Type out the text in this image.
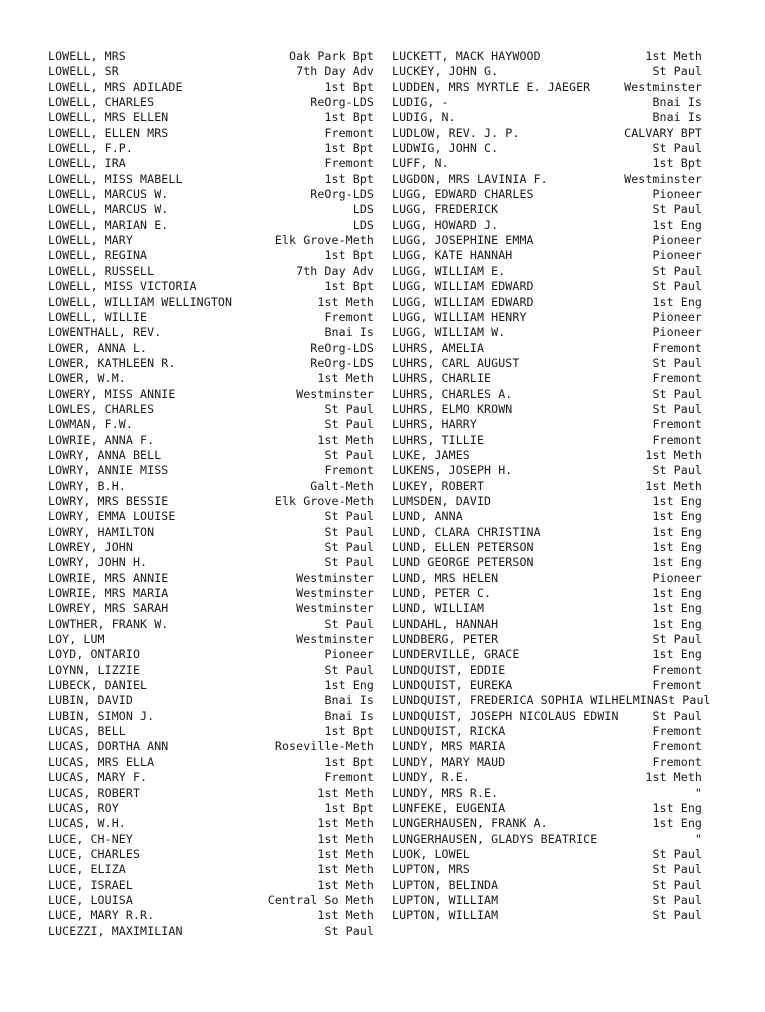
LOWELL, MRS	Oak Park Bpt
LOWELL, SR	7th Day Adv
LOWELL, MRS ADILADE	1st Bpt
LOWELL, CHARLES	ReOrg-LDS
LOWELL, MRS ELLEN	1st Bpt
LOWELL, ELLEN MRS	Fremont
LOWELL, F.P.	1st Bpt
LOWELL, IRA	Fremont
LOWELL, MISS MABELL	1st Bpt
LOWELL, MARCUS W.	ReOrg-LDS
LOWELL, MARCUS W.	LDS
LOWELL, MARIAN E.	LDS
LOWELL, MARY	Elk Grove-Meth
LOWELL, REGINA	1st Bpt
LOWELL, RUSSELL	7th Day Adv
LOWELL, MISS VICTORIA	1st Bpt
LOWELL, WILLIAM WELLINGTON	1st Meth
LOWELL, WILLIE	Fremont
LOWENTHALL, REV.	Bnai Is
LOWER, ANNA L.	ReOrg-LDS
LOWER, KATHLEEN R.	ReOrg-LDS
LOWER, W.M.	1st Meth
LOWERY, MISS ANNIE	Westminster
LOWLES, CHARLES	St Paul
LOWMAN, F.W.	St Paul
LOWRIE, ANNA F.	1st Meth
LOWRY, ANNA BELL	St Paul
LOWRY, ANNIE MISS	Fremont
LOWRY, B.H.	Galt-Meth
LOWRY, MRS BESSIE	Elk Grove-Meth
LOWRY, EMMA LOUISE	St Paul
LOWRY, HAMILTON	St Paul
LOWREY, JOHN	St Paul
LOWRY, JOHN H.	St Paul
LOWRIE, MRS ANNIE	Westminster
LOWRIE, MRS MARIA	Westminster
LOWREY, MRS SARAH	Westminster
LOWTHER, FRANK W.	St Paul
LOY, LUM	Westminster
LOYD, ONTARIO	Pioneer
LOYNN, LIZZIE	St Paul
LUBECK, DANIEL	1st Eng
LUBIN, DAVID	Bnai Is
LUBIN, SIMON J.	Bnai Is
LUCAS, BELL	1st Bpt
LUCAS, DORTHA ANN	Roseville-Meth
LUCAS, MRS ELLA	1st Bpt
LUCAS, MARY F.	Fremont
LUCAS, ROBERT	1st Meth
LUCAS, ROY	1st Bpt
LUCAS, W.H.	1st Meth
LUCE, CH-NEY	1st Meth
LUCE, CHARLES	1st Meth
LUCE, ELIZA	1st Meth
LUCE, ISRAEL	1st Meth
LUCE, LOUISA	Central So Meth
LUCE, MARY R.R.	1st Meth
LUCEZZI, MAXIMILIAN	St Paul
LUCKETT, MACK HAYWOOD	1st Meth
LUCKEY, JOHN G.	St Paul
LUDDEN, MRS MYRTLE E. JAEGER	Westminster
LUDIG, -	Bnai Is
LUDIG, N.	Bnai Is
LUDLOW, REV. J. P.	CALVARY BPT
LUDWIG, JOHN C.	St Paul
LUFF, N.	1st Bpt
LUGDON, MRS LAVINIA F.	Westminster
LUGG, EDWARD CHARLES	Pioneer
LUGG, FREDERICK	St Paul
LUGG, HOWARD J.	1st Eng
LUGG, JOSEPHINE EMMA	Pioneer
LUGG, KATE HANNAH	Pioneer
LUGG, WILLIAM E.	St Paul
LUGG, WILLIAM EDWARD	St Paul
LUGG, WILLIAM EDWARD	1st Eng
LUGG, WILLIAM HENRY	Pioneer
LUGG, WILLIAM W.	Pioneer
LUHRS, AMELIA	Fremont
LUHRS, CARL AUGUST	St Paul
LUHRS, CHARLIE	Fremont
LUHRS, CHARLES A.	St Paul
LUHRS, ELMO KROWN	St Paul
LUHRS, HARRY	Fremont
LUHRS, TILLIE	Fremont
LUKE, JAMES	1st Meth
LUKENS, JOSEPH H.	St Paul
LUKEY, ROBERT	1st Meth
LUMSDEN, DAVID	1st Eng
LUND, ANNA	1st Eng
LUND, CLARA CHRISTINA	1st Eng
LUND, ELLEN PETERSON	1st Eng
LUND GEORGE PETERSON	1st Eng
LUND, MRS HELEN	Pioneer
LUND, PETER C.	1st Eng
LUND, WILLIAM	1st Eng
LUNDAHL, HANNAH	1st Eng
LUNDBERG, PETER	St Paul
LUNDERVILLE, GRACE	1st Eng
LUNDQUIST, EDDIE	Fremont
LUNDQUIST, EUREKA	Fremont
LUNDQUIST, FREDERICA SOPHIA WILHELMINA St Paul
LUNDQUIST, JOSEPH NICOLAUS EDWIN	St Paul
LUNDQUIST, RICKA	Fremont
LUNDY, MRS MARIA	Fremont
LUNDY, MARY MAUD	Fremont
LUNDY, R.E.	1st Meth
LUNDY, MRS R.E.	"
LUNFEKE, EUGENIA	1st Eng
LUNGERHAUSEN, FRANK A.	1st Eng
LUNGERHAUSEN, GLADYS BEATRICE	"
LUOK, LOWEL	St Paul
LUPTON, MRS	St Paul
LUPTON, BELINDA	St Paul
LUPTON, WILLIAM	St Paul
LUPTON, WILLIAM	St Paul
